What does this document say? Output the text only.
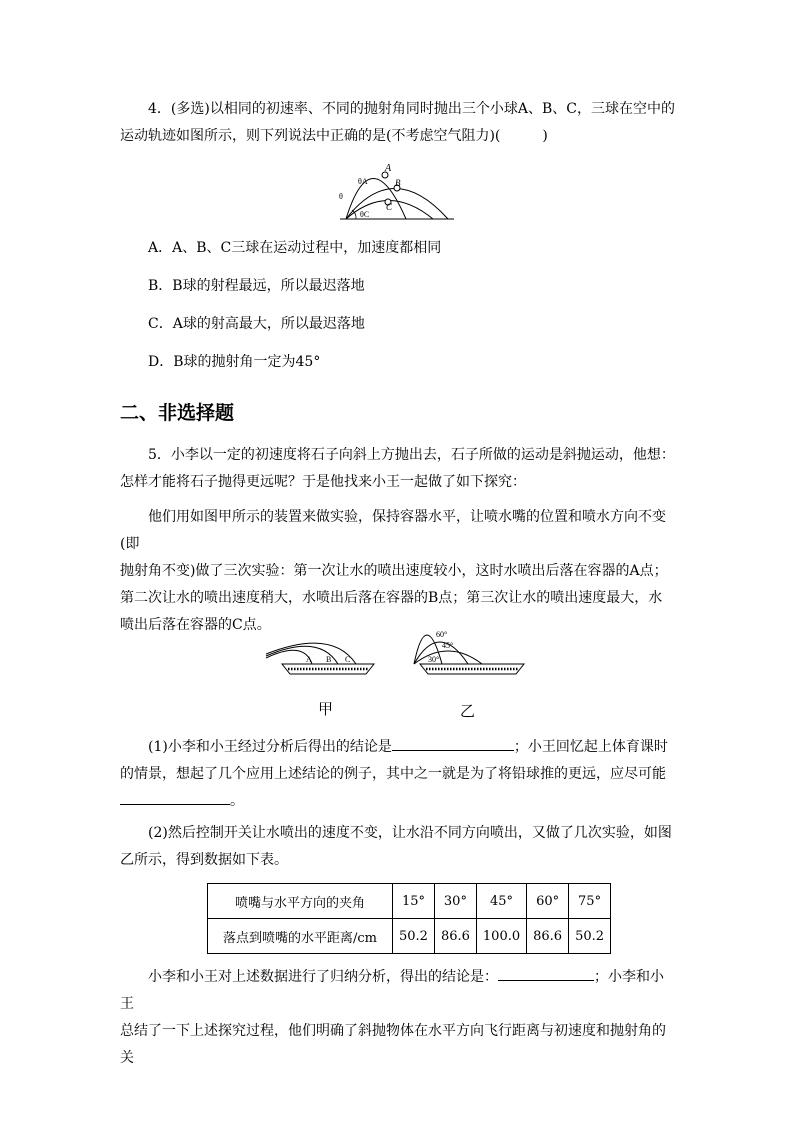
4．(多选)以相同的初速率、不同的抛射角同时抛出三个小球A、B、C，三球在空中的
运动轨迹如图所示，则下列说法中正确的是(不考虑空气阻力)(　　　)

A
B
C
θA
θ
θC

A．A、B、C三球在运动过程中，加速度都相同

B．B球的射程最远，所以最迟落地

C．A球的射高最大，所以最迟落地

D．B球的抛射角一定为45°

二、非选择题

5．小李以一定的初速度将石子向斜上方抛出去，石子所做的运动是斜抛运动，他想：
怎样才能将石子抛得更远呢？于是他找来小王一起做了如下探究：

他们用如图甲所示的装置来做实验，保持容器水平，让喷水嘴的位置和喷水方向不变(即
抛射角不变)做了三次实验：第一次让水的喷出速度较小，这时水喷出后落在容器的A点；
第二次让水的喷出速度稍大，水喷出后落在容器的B点；第三次让水的喷出速度最大，水
喷出后落在容器的C点。

A B C
60°
45°
30°
甲	乙

(1)小李和小王经过分析后得出的结论是	；小王回忆起上体育课时
的情景，想起了几个应用上述结论的例子，其中之一就是为了将铅球推的更远，应尽可能
。

(2)然后控制开关让水喷出的速度不变，让水沿不同方向喷出，又做了几次实验，如图
乙所示，得到数据如下表。

喷嘴与水平方向的夹角	15°	30°	45°	60°	75°
落点到喷嘴的水平距离/cm	50.2	86.6	100.0	86.6	50.2

小李和小王对上述数据进行了归纳分析，得出的结论是：	；小李和小王
总结了一下上述探究过程，他们明确了斜抛物体在水平方向飞行距离与初速度和抛射角的关
